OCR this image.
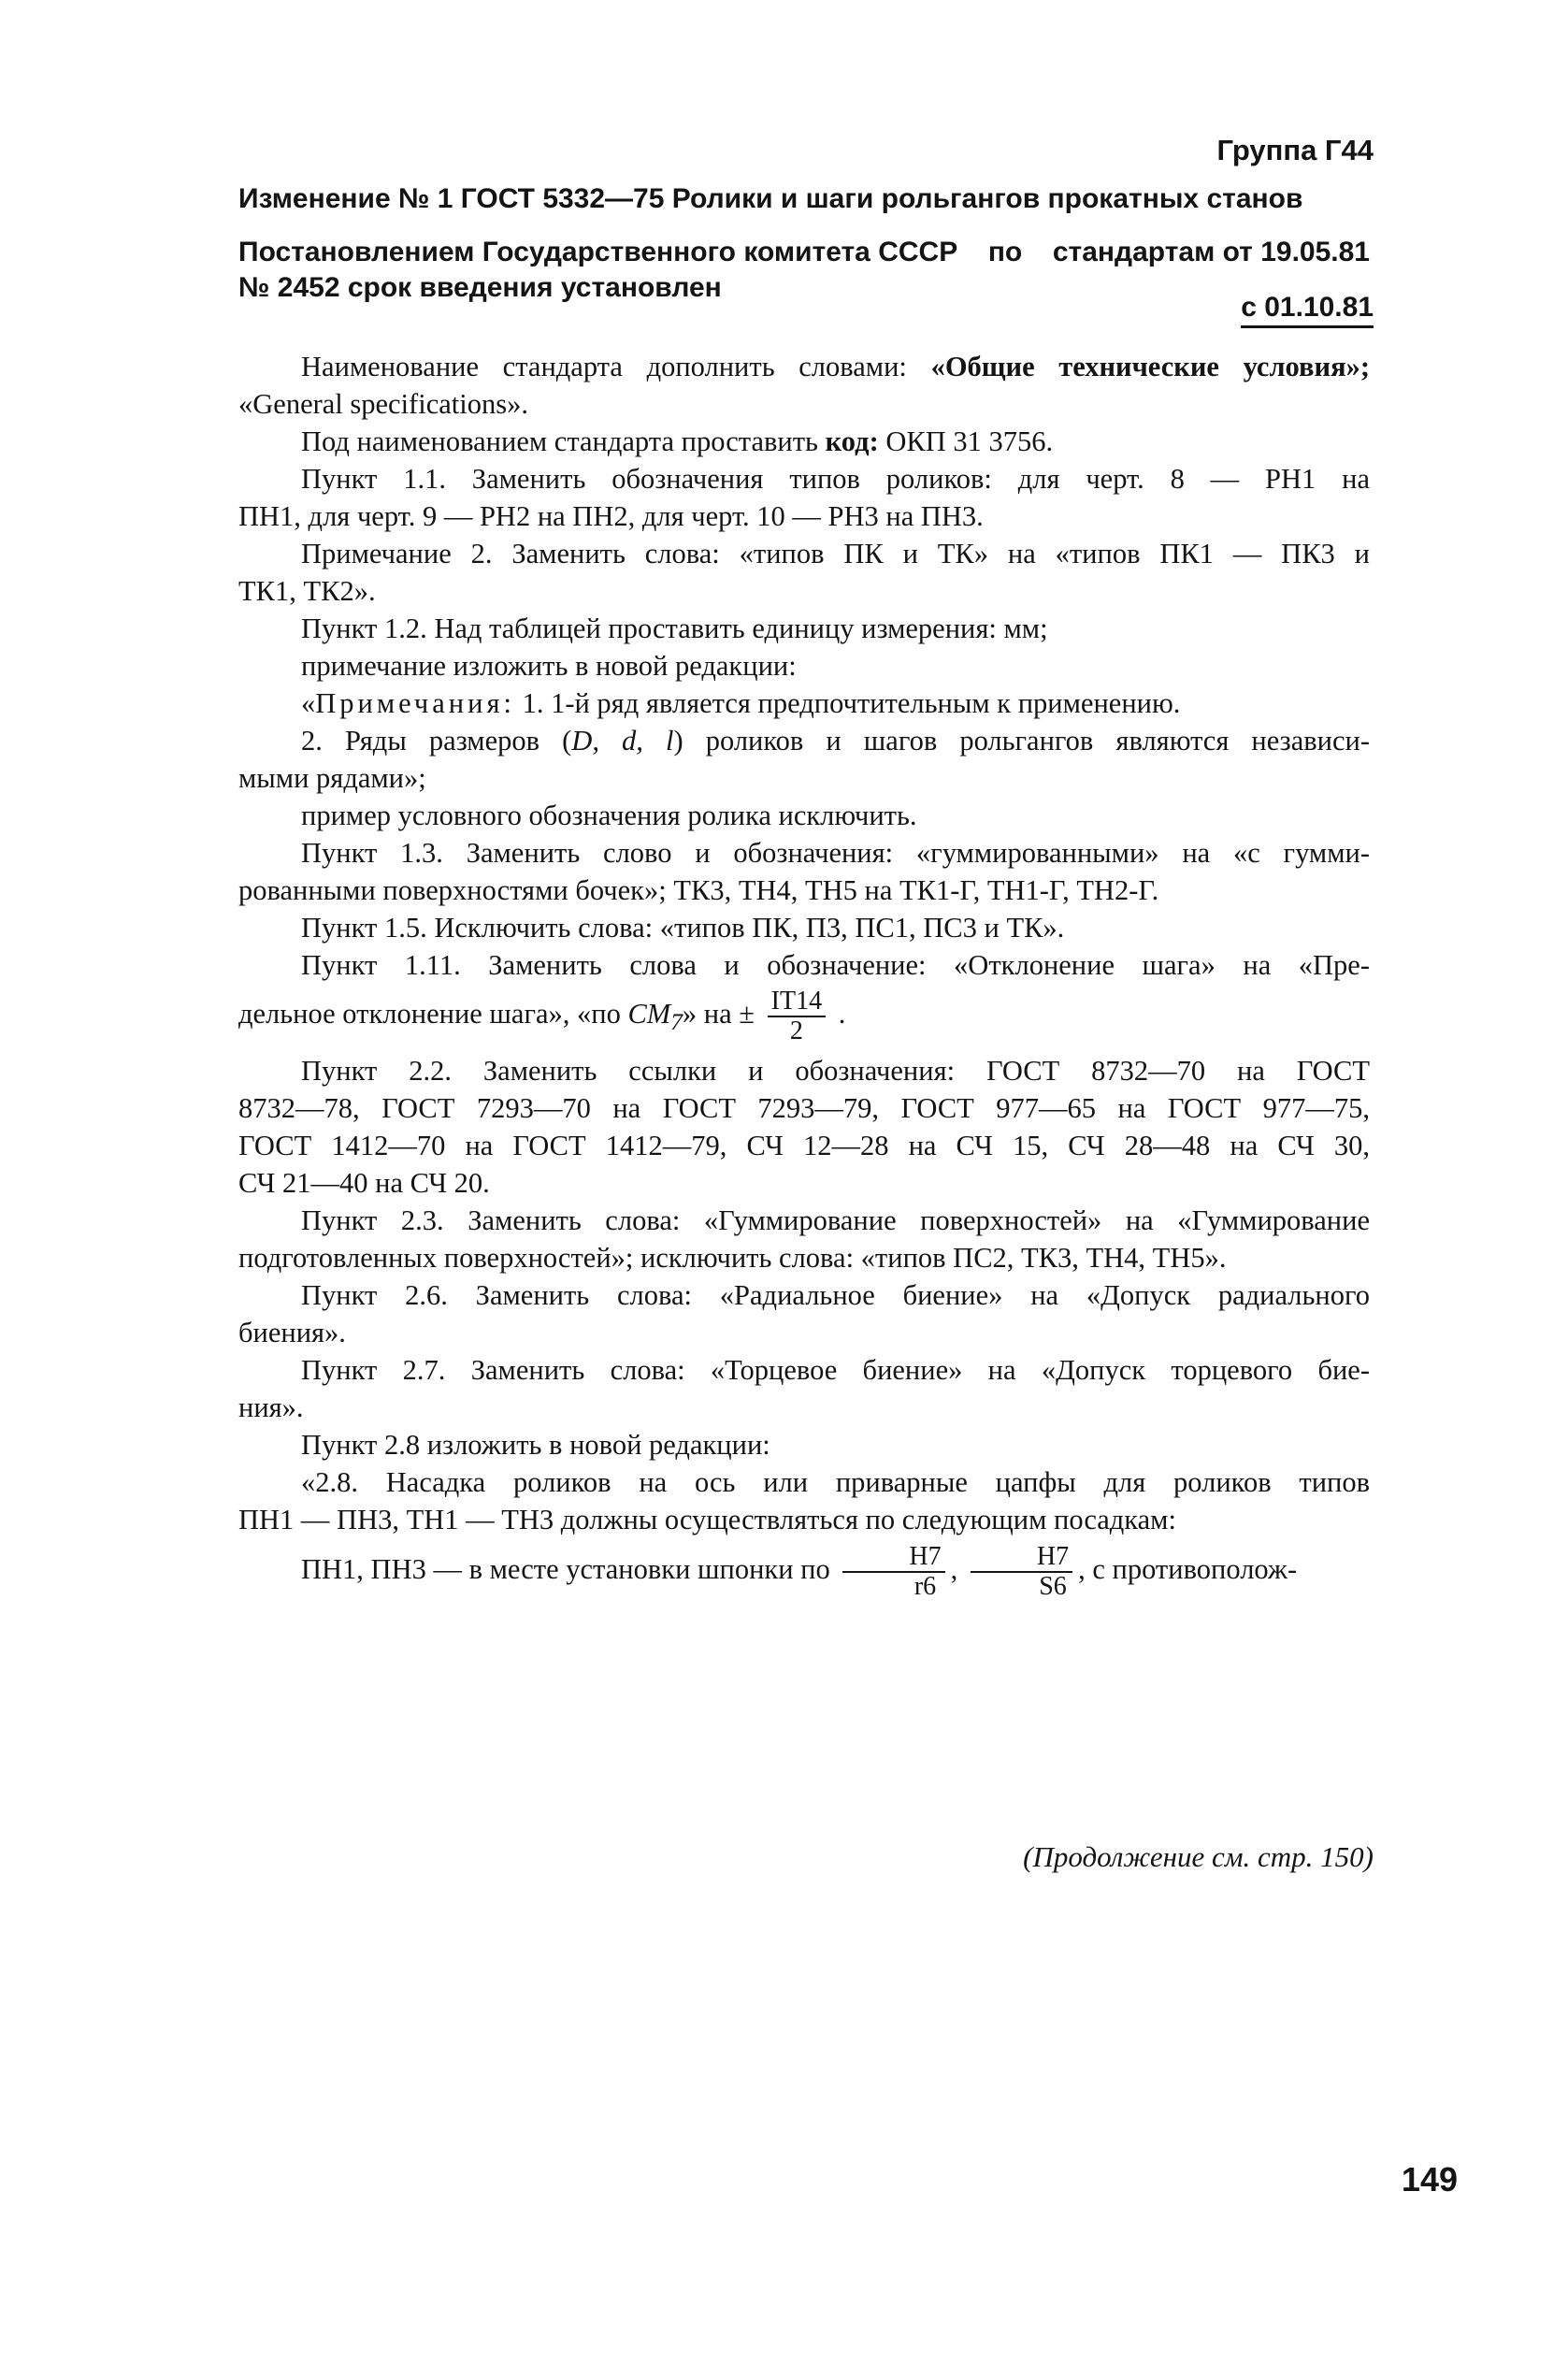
Группа Г44
Изменение № 1 ГОСТ 5332—75 Ролики и шаги рольгангов прокатных станов
Постановлением Государственного комитета СССР по стандартам от 19.05.81
№ 2452 срок введения установлен
с 01.10.81

Наименование стандарта дополнить словами: «Общие технические условия»;

«General specifications».

Под наименованием стандарта проставить код: ОКП 31 3756.

Пункт 1.1. Заменить обозначения типов роликов: для черт. 8 — РН1 на

ПН1, для черт. 9 — РН2 на ПН2, для черт. 10 — РН3 на ПН3.

Примечание 2. Заменить слова: «типов ПК и ТК» на «типов ПК1 — ПК3 и

ТК1, ТК2».

Пункт 1.2. Над таблицей проставить единицу измерения: мм;

примечание изложить в новой редакции:

«Примечания: 1. 1-й ряд является предпочтительным к применению.

2. Ряды размеров (D, d, l) роликов и шагов рольгангов являются независи-

мыми рядами»;

пример условного обозначения ролика исключить.

Пункт 1.3. Заменить слово и обозначения: «гуммированными» на «с гумми-

рованными поверхностями бочек»; ТК3, ТН4, ТН5 на ТК1-Г, ТН1-Г, ТН2-Г.

Пункт 1.5. Исключить слова: «типов ПК, П3, ПС1, ПС3 и ТК».

Пункт 1.11. Заменить слова и обозначение: «Отклонение шага» на «Пре-

дельное отклонение шага», «по $CM_7$» на ± $\frac{IT14}{2}$ .

Пункт 2.2. Заменить ссылки и обозначения: ГОСТ 8732—70 на ГОСТ

8732—78, ГОСТ 7293—70 на ГОСТ 7293—79, ГОСТ 977—65 на ГОСТ 977—75,

ГОСТ 1412—70 на ГОСТ 1412—79, СЧ 12—28 на СЧ 15, СЧ 28—48 на СЧ 30,

СЧ 21—40 на СЧ 20.

Пункт 2.3. Заменить слова: «Гуммирование поверхностей» на «Гуммирование

подготовленных поверхностей»; исключить слова: «типов ПС2, ТК3, ТН4, ТН5».

Пункт 2.6. Заменить слова: «Радиальное биение» на «Допуск радиального

биения».

Пункт 2.7. Заменить слова: «Торцевое биение» на «Допуск торцевого бие-

ния».

Пункт 2.8 изложить в новой редакции:

«2.8. Насадка роликов на ось или приварные цапфы для роликов типов

ПН1 — ПН3, ТН1 — ТН3 должны осуществляться по следующим посадкам:

ПН1, ПН3 — в месте установки шпонки по $\frac{H7}{r6}$ , $\frac{H7}{S6}$ , с противополож-

(Продолжение см. стр. 150)
149
